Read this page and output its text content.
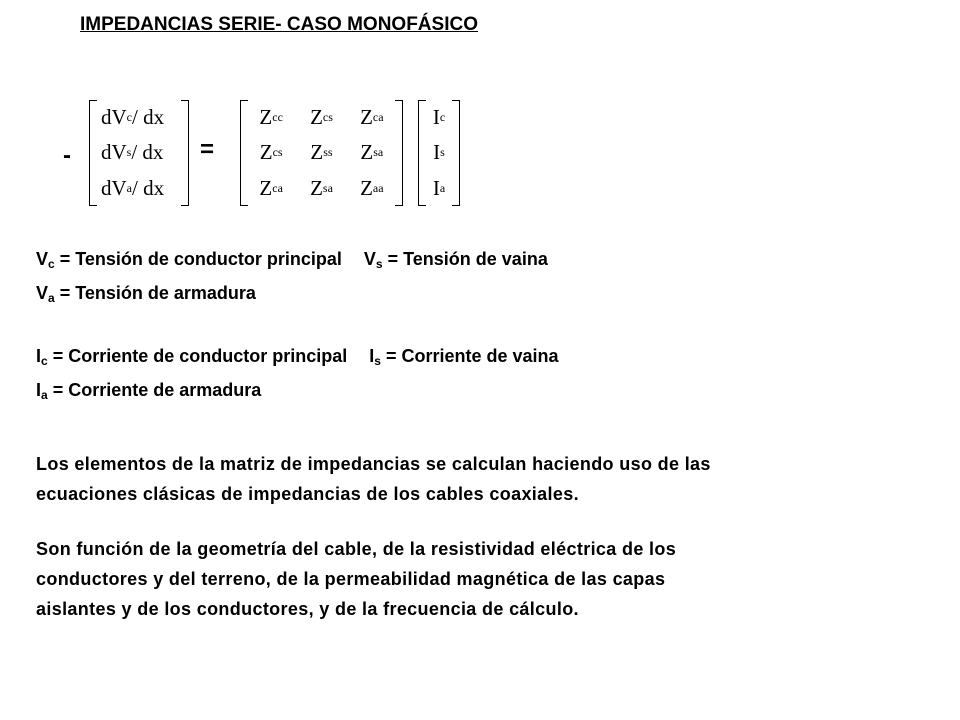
IMPEDANCIAS SERIE- CASO MONOFÁSICO
-
dV c / dx
dV s / dx
dV a / dx
=
Z cc Z cs Z ca
Z cs Z ss Z sa
Z ca Z sa Z aa
I c
I s
I a
$V_c$ = Tensión de conductor principal $V_s$ = Tensión de vaina
$V_a$ = Tensión de armadura
$I_c$ = Corriente de conductor principal $I_s$ = Corriente de vaina
$I_a$ = Corriente de armadura
Los elementos de la matriz de impedancias se calculan haciendo uso de las
ecuaciones clásicas de impedancias de los cables coaxiales.
Son función de la geometría del cable, de la resistividad eléctrica de los
conductores y del terreno, de la permeabilidad magnética de las capas
aislantes y de los conductores, y de la frecuencia de cálculo.
